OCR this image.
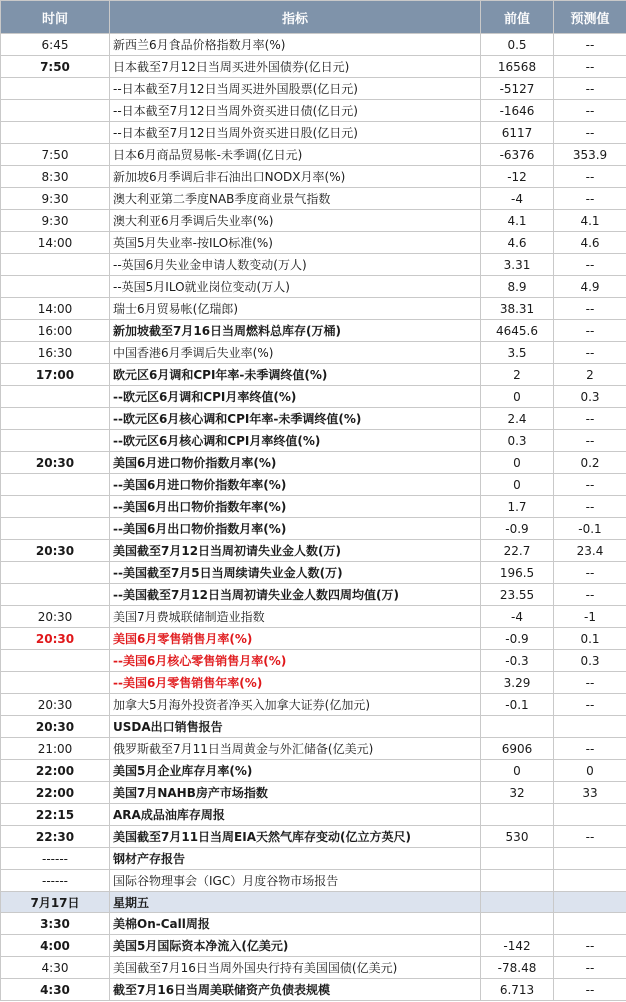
时间	指标	前值	预测值
6:45	新西兰6月食品价格指数月率(%)	0.5	--
7:50	日本截至7月12日当周买进外国债券(亿日元)	16568	--
	--日本截至7月12日当周买进外国股票(亿日元)	-5127	--
	--日本截至7月12日当周外资买进日债(亿日元)	-1646	--
	--日本截至7月12日当周外资买进日股(亿日元)	6117	--
7:50	日本6月商品贸易帐-未季调(亿日元)	-6376	353.9
8:30	新加坡6月季调后非石油出口NODX月率(%)	-12	--
9:30	澳大利亚第二季度NAB季度商业景气指数	-4	--
9:30	澳大利亚6月季调后失业率(%)	4.1	4.1
14:00	英国5月失业率-按ILO标准(%)	4.6	4.6
	--英国6月失业金申请人数变动(万人)	3.31	--
	--英国5月ILO就业岗位变动(万人)	8.9	4.9
14:00	瑞士6月贸易帐(亿瑞郎)	38.31	--
16:00	新加坡截至7月16日当周燃料总库存(万桶)	4645.6	--
16:30	中国香港6月季调后失业率(%)	3.5	--
17:00	欧元区6月调和CPI年率-未季调终值(%)	2	2
	--欧元区6月调和CPI月率终值(%)	0	0.3
	--欧元区6月核心调和CPI年率-未季调终值(%)	2.4	--
	--欧元区6月核心调和CPI月率终值(%)	0.3	--
20:30	美国6月进口物价指数月率(%)	0	0.2
	--美国6月进口物价指数年率(%)	0	--
	--美国6月出口物价指数年率(%)	1.7	--
	--美国6月出口物价指数月率(%)	-0.9	-0.1
20:30	美国截至7月12日当周初请失业金人数(万)	22.7	23.4
	--美国截至7月5日当周续请失业金人数(万)	196.5	--
	--美国截至7月12日当周初请失业金人数四周均值(万)	23.55	--
20:30	美国7月费城联储制造业指数	-4	-1
20:30	美国6月零售销售月率(%)	-0.9	0.1
	--美国6月核心零售销售月率(%)	-0.3	0.3
	--美国6月零售销售年率(%)	3.29	--
20:30	加拿大5月海外投资者净买入加拿大证券(亿加元)	-0.1	--
20:30	USDA出口销售报告		
21:00	俄罗斯截至7月11日当周黄金与外汇储备(亿美元)	6906	--
22:00	美国5月企业库存月率(%)	0	0
22:00	美国7月NAHB房产市场指数	32	33
22:15	ARA成品油库存周报		
22:30	美国截至7月11日当周EIA天然气库存变动(亿立方英尺)	530	--
------	钢材产存报告		
------	国际谷物理事会（IGC）月度谷物市场报告		
7月17日	星期五		
3:30	美棉On-Call周报		
4:00	美国5月国际资本净流入(亿美元)	-142	--
4:30	美国截至7月16日当周外国央行持有美国国债(亿美元)	-78.48	--
4:30	截至7月16日当周美联储资产负债表规模	6.713	--
